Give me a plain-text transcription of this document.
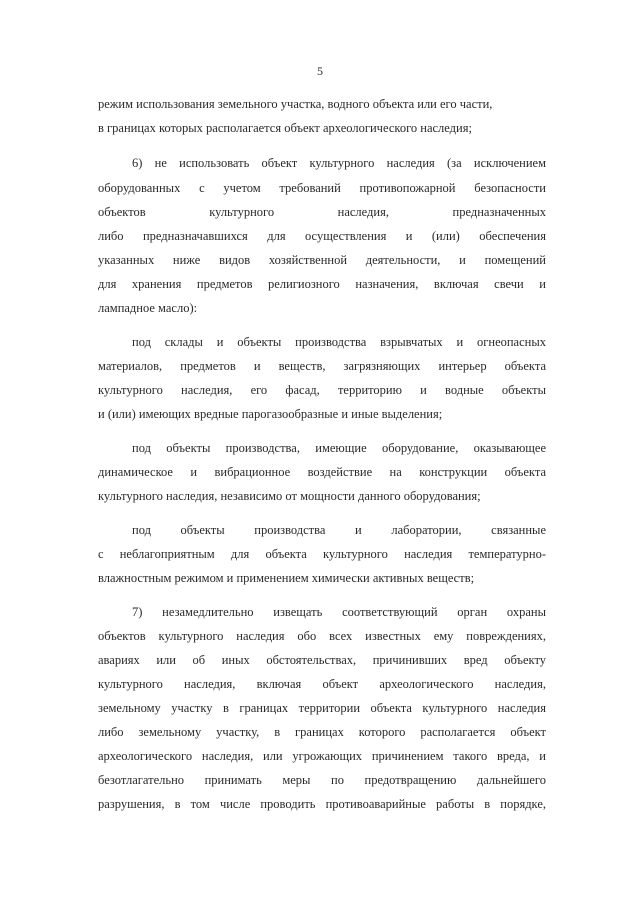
5
режим использования земельного участка, водного объекта или его части,
в границах которых располагается объект археологического наследия;
6) не использовать объект культурного наследия (за исключением
оборудованных с учетом требований противопожарной безопасности
объектов культурного наследия, предназначенных
либо предназначавшихся для осуществления и (или) обеспечения
указанных ниже видов хозяйственной деятельности, и помещений
для хранения предметов религиозного назначения, включая свечи и
лампадное масло):
под склады и объекты производства взрывчатых и огнеопасных
материалов, предметов и веществ, загрязняющих интерьер объекта
культурного наследия, его фасад, территорию и водные объекты
и (или) имеющих вредные парогазообразные и иные выделения;
под объекты производства, имеющие оборудование, оказывающее
динамическое и вибрационное воздействие на конструкции объекта
культурного наследия, независимо от мощности данного оборудования;
под объекты производства и лаборатории, связанные
с неблагоприятным для объекта культурного наследия температурно-
влажностным режимом и применением химически активных веществ;
7) незамедлительно извещать соответствующий орган охраны
объектов культурного наследия обо всех известных ему повреждениях,
авариях или об иных обстоятельствах, причинивших вред объекту
культурного наследия, включая объект археологического наследия,
земельному участку в границах территории объекта культурного наследия
либо земельному участку, в границах которого располагается объект
археологического наследия, или угрожающих причинением такого вреда, и
безотлагательно принимать меры по предотвращению дальнейшего
разрушения, в том числе проводить противоаварийные работы в порядке,
